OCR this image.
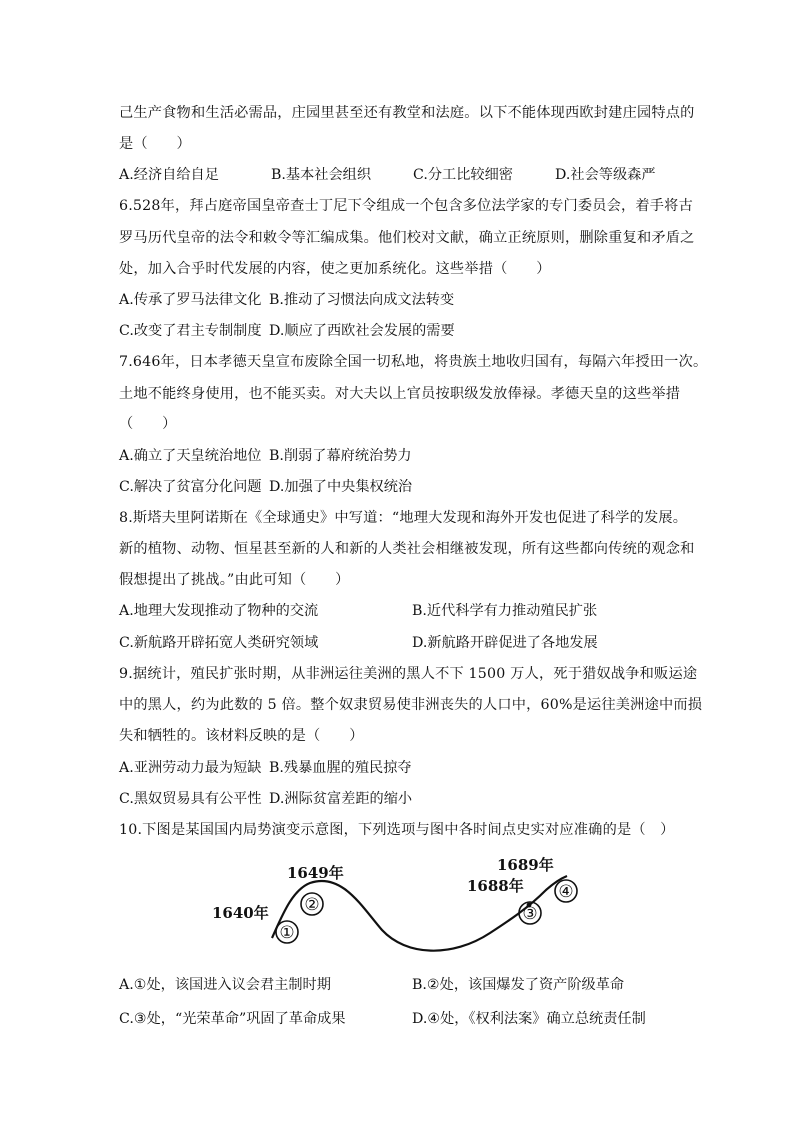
己生产食物和生活必需品，庄园里甚至还有教堂和法庭。以下不能体现西欧封建庄园特点的
是（　　）
A.经济自给自足	B.基本社会组织	C.分工比较细密	D.社会等级森严
6.528年，拜占庭帝国皇帝查士丁尼下令组成一个包含多位法学家的专门委员会，着手将古
罗马历代皇帝的法令和敕令等汇编成集。他们校对文献，确立正统原则，删除重复和矛盾之
处，加入合乎时代发展的内容，使之更加系统化。这些举措（　　）
A.传承了罗马法律文化 B.推动了习惯法向成文法转变
C.改变了君主专制制度 D.顺应了西欧社会发展的需要
7.646年，日本孝德天皇宣布废除全国一切私地，将贵族土地收归国有，每隔六年授田一次。
土地不能终身使用，也不能买卖。对大夫以上官员按职级发放俸禄。孝德天皇的这些举措
（　　）
A.确立了天皇统治地位 B.削弱了幕府统治势力
C.解决了贫富分化问题 D.加强了中央集权统治
8.斯塔夫里阿诺斯在《全球通史》中写道：“地理大发现和海外开发也促进了科学的发展。
新的植物、动物、恒星甚至新的人和新的人类社会相继被发现，所有这些都向传统的观念和
假想提出了挑战。”由此可知（　　）
A.地理大发现推动了物种的交流	B.近代科学有力推动殖民扩张
C.新航路开辟拓宽人类研究领域	D.新航路开辟促进了各地发展
9.据统计，殖民扩张时期，从非洲运往美洲的黑人不下 1500 万人，死于猎奴战争和贩运途
中的黑人，约为此数的 5 倍。整个奴隶贸易使非洲丧失的人口中，60%是运往美洲途中而损
失和牺牲的。该材料反映的是（　　）
A.亚洲劳动力最为短缺 B.残暴血腥的殖民掠夺
C.黑奴贸易具有公平性 D.洲际贫富差距的缩小
10.下图是某国国内局势演变示意图，下列选项与图中各时间点史实对应准确的是（　）
1640年
1649年
1688年
1689年
①
②	③
④
A.①处，该国进入议会君主制时期	B.②处，该国爆发了资产阶级革命
C.③处，“光荣革命”巩固了革命成果	D.④处，《权利法案》确立总统责任制
